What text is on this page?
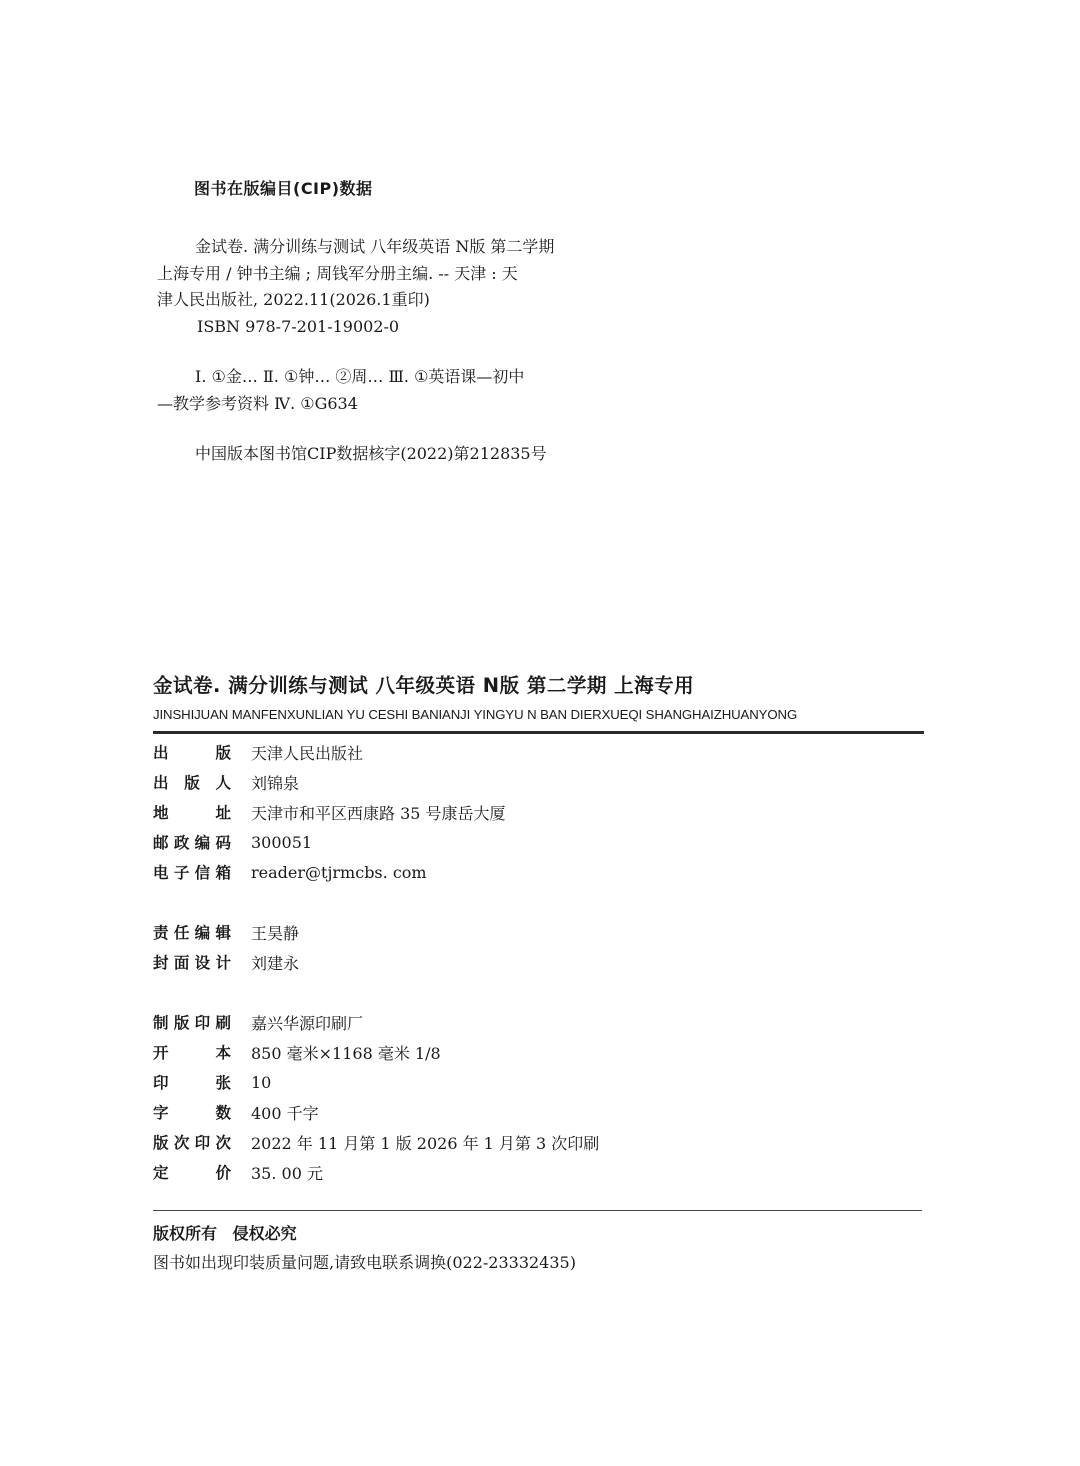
图书在版编目(CIP)数据

金试卷. 满分训练与测试 八年级英语 N版 第二学期

上海专用 / 钟书主编 ; 周钱军分册主编. -- 天津 : 天

津人民出版社, 2022.11(2026.1重印)

ISBN 978-7-201-19002-0

Ⅰ. ①金… Ⅱ. ①钟… ②周… Ⅲ. ①英语课—初中

—教学参考资料 Ⅳ. ①G634

中国版本图书馆CIP数据核字(2022)第212835号

金试卷. 满分训练与测试 八年级英语 N版 第二学期 上海专用
JINSHIJUAN MANFENXUNLIAN YU CESHI BANIANJI YINGYU N BAN DIERXUEQI SHANGHAIZHUANYONG
出	版 天津人民出版社
出 版 人 刘锦泉
地	址 天津市和平区西康路 35 号康岳大厦
邮 政 编 码 300051
电 子 信 箱 reader@tjrmcbs. com
责 任 编 辑 王昊静
封 面 设 计 刘建永
制 版 印 刷 嘉兴华源印刷厂
开	本 850 毫米×1168 毫米 1/8
印	张 10
字	数 400 千字
版 次 印 次 2022 年 11 月第 1 版 2026 年 1 月第 3 次印刷
定	价 35. 00 元
版权所有 侵权必究
图书如出现印装质量问题,请致电联系调换(022-23332435)
